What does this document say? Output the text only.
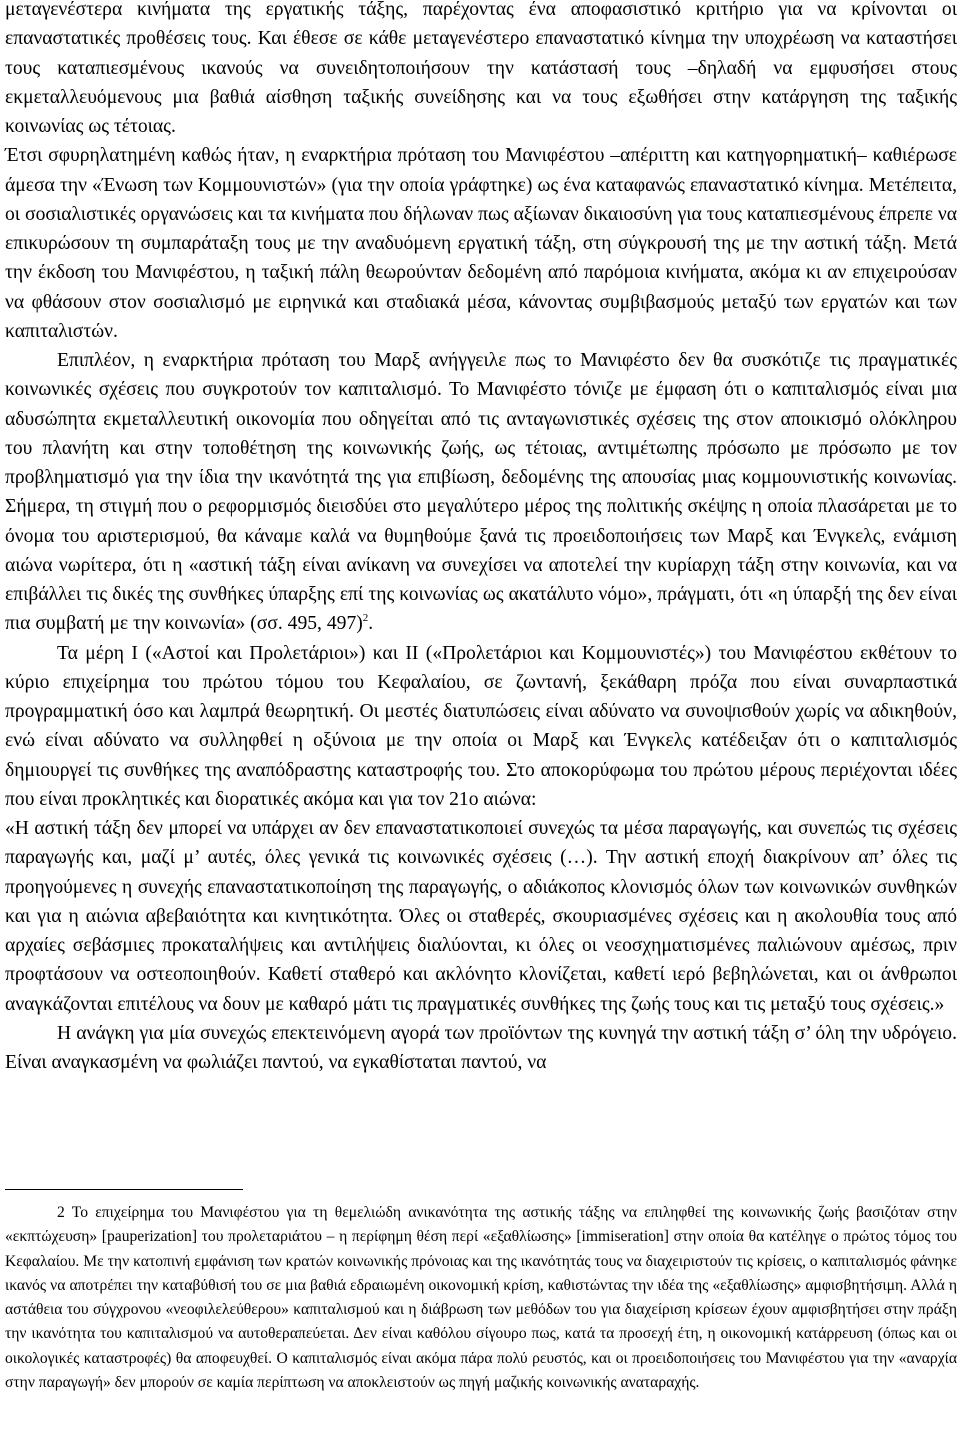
μεταγενέστερα κινήματα της εργατικής τάξης, παρέχοντας ένα αποφασιστικό κριτήριο για να κρίνονται οι επαναστατικές προθέσεις τους. Και έθεσε σε κάθε μεταγενέστερο επαναστατικό κίνημα την υποχρέωση να καταστήσει τους καταπιεσμένους ικανούς να συνειδητοποιήσουν την κατάστασή τους ‒δηλαδή να εμφυσήσει στους εκμεταλλευόμενους μια βαθιά αίσθηση ταξικής συνείδησης και να τους εξωθήσει στην κατάργηση της ταξικής κοινωνίας ως τέτοιας.

Έτσι σφυρηλατημένη καθώς ήταν, η εναρκτήρια πρόταση του Μανιφέστου ‒απέριττη και κατηγορηματική‒ καθιέρωσε άμεσα την «Ένωση των Κομμουνιστών» (για την οποία γράφτηκε) ως ένα καταφανώς επαναστατικό κίνημα. Μετέπειτα, οι σοσιαλιστικές οργανώσεις και τα κινήματα που δήλωναν πως αξίωναν δικαιοσύνη για τους καταπιεσμένους έπρεπε να επικυρώσουν τη συμπαράταξη τους με την αναδυόμενη εργατική τάξη, στη σύγκρουσή της με την αστική τάξη. Μετά την έκδοση του Μανιφέστου, η ταξική πάλη θεωρούνταν δεδομένη από παρόμοια κινήματα, ακόμα κι αν επιχειρούσαν να φθάσουν στον σοσιαλισμό με ειρηνικά και σταδιακά μέσα, κάνοντας συμβιβασμούς μεταξύ των εργατών και των καπιταλιστών.

Επιπλέον, η εναρκτήρια πρόταση του Μαρξ ανήγγειλε πως το Μανιφέστο δεν θα συσκότιζε τις πραγματικές κοινωνικές σχέσεις που συγκροτούν τον καπιταλισμό. Το Μανιφέστο τόνιζε με έμφαση ότι ο καπιταλισμός είναι μια αδυσώπητα εκμεταλλευτική οικονομία που οδηγείται από τις ανταγωνιστικές σχέσεις της στον αποικισμό ολόκληρου του πλανήτη και στην τοποθέτηση της κοινωνικής ζωής, ως τέτοιας, αντιμέτωπης πρόσωπο με πρόσωπο με τον προβληματισμό για την ίδια την ικανότητά της για επιβίωση, δεδομένης της απουσίας μιας κομμουνιστικής κοινωνίας. Σήμερα, τη στιγμή που ο ρεφορμισμός διεισδύει στο μεγαλύτερο μέρος της πολιτικής σκέψης η οποία πλασάρεται με το όνομα του αριστερισμού, θα κάναμε καλά να θυμηθούμε ξανά τις προειδοποιήσεις των Μαρξ και Ένγκελς, ενάμιση αιώνα νωρίτερα, ότι η «αστική τάξη είναι ανίκανη να συνεχίσει να αποτελεί την κυρίαρχη τάξη στην κοινωνία, και να επιβάλλει τις δικές της συνθήκες ύπαρξης επί της κοινωνίας ως ακατάλυτο νόμο», πράγματι, ότι «η ύπαρξή της δεν είναι πια συμβατή με την κοινωνία» (σσ. 495, 497)$^2$.

Τα μέρη Ι («Αστοί και Προλετάριοι») και ΙΙ («Προλετάριοι και Κομμουνιστές») του Μανιφέστου εκθέτουν το κύριο επιχείρημα του πρώτου τόμου του Κεφαλαίου, σε ζωντανή, ξεκάθαρη πρόζα που είναι συναρπαστικά προγραμματική όσο και λαμπρά θεωρητική. Οι μεστές διατυπώσεις είναι αδύνατο να συνοψισθούν χωρίς να αδικηθούν, ενώ είναι αδύνατο να συλληφθεί η οξύνοια με την οποία οι Μαρξ και Ένγκελς κατέδειξαν ότι ο καπιταλισμός δημιουργεί τις συνθήκες της αναπόδραστης καταστροφής του. Στο αποκορύφωμα του πρώτου μέρους περιέχονται ιδέες που είναι προκλητικές και διορατικές ακόμα και για τον 21ο αιώνα:

«Η αστική τάξη δεν μπορεί να υπάρχει αν δεν επαναστατικοποιεί συνεχώς τα μέσα παραγωγής, και συνεπώς τις σχέσεις παραγωγής και, μαζί μ’ αυτές, όλες γενικά τις κοινωνικές σχέσεις (…). Την αστική εποχή διακρίνουν απ’ όλες τις προηγούμενες η συνεχής επαναστατικοποίηση της παραγωγής, ο αδιάκοπος κλονισμός όλων των κοινωνικών συνθηκών και για η αιώνια αβεβαιότητα και κινητικότητα. Όλες οι σταθερές, σκουριασμένες σχέσεις και η ακολουθία τους από αρχαίες σεβάσμιες προκαταλήψεις και αντιλήψεις διαλύονται, κι όλες οι νεοσχηματισμένες παλιώνουν αμέσως, πριν προφτάσουν να οστεοποιηθούν. Καθετί σταθερό και ακλόνητο κλονίζεται, καθετί ιερό βεβηλώνεται, και οι άνθρωποι αναγκάζονται επιτέλους να δουν με καθαρό μάτι τις πραγματικές συνθήκες της ζωής τους και τις μεταξύ τους σχέσεις.»

Η ανάγκη για μία συνεχώς επεκτεινόμενη αγορά των προϊόντων της κυνηγά την αστική τάξη σ’ όλη την υδρόγειο. Είναι αναγκασμένη να φωλιάζει παντού, να εγκαθίσταται παντού, να

2 Το επιχείρημα του Μανιφέστου για τη θεμελιώδη ανικανότητα της αστικής τάξης να επιληφθεί της κοινωνικής ζωής βασιζόταν στην «εκπτώχευση» [pauperization] του προλεταριάτου ‒ η περίφημη θέση περί «εξαθλίωσης» [immiseration] στην οποία θα κατέληγε ο πρώτος τόμος του Κεφαλαίου. Με την κατοπινή εμφάνιση των κρατών κοινωνικής πρόνοιας και της ικανότητάς τους να διαχειριστούν τις κρίσεις, ο καπιταλισμός φάνηκε ικανός να αποτρέπει την καταβύθισή του σε μια βαθιά εδραιωμένη οικονομική κρίση, καθιστώντας την ιδέα της «εξαθλίωσης» αμφισβητήσιμη. Αλλά η αστάθεια του σύγχρονου «νεοφιλελεύθερου» καπιταλισμού και η διάβρωση των μεθόδων του για διαχείριση κρίσεων έχουν αμφισβητήσει στην πράξη την ικανότητα του καπιταλισμού να αυτοθεραπεύεται. Δεν είναι καθόλου σίγουρο πως, κατά τα προσεχή έτη, η οικονομική κατάρρευση (όπως και οι οικολογικές καταστροφές) θα αποφευχθεί. Ο καπιταλισμός είναι ακόμα πάρα πολύ ρευστός, και οι προειδοποιήσεις του Μανιφέστου για την «αναρχία στην παραγωγή» δεν μπορούν σε καμία περίπτωση να αποκλειστούν ως πηγή μαζικής κοινωνικής αναταραχής.
